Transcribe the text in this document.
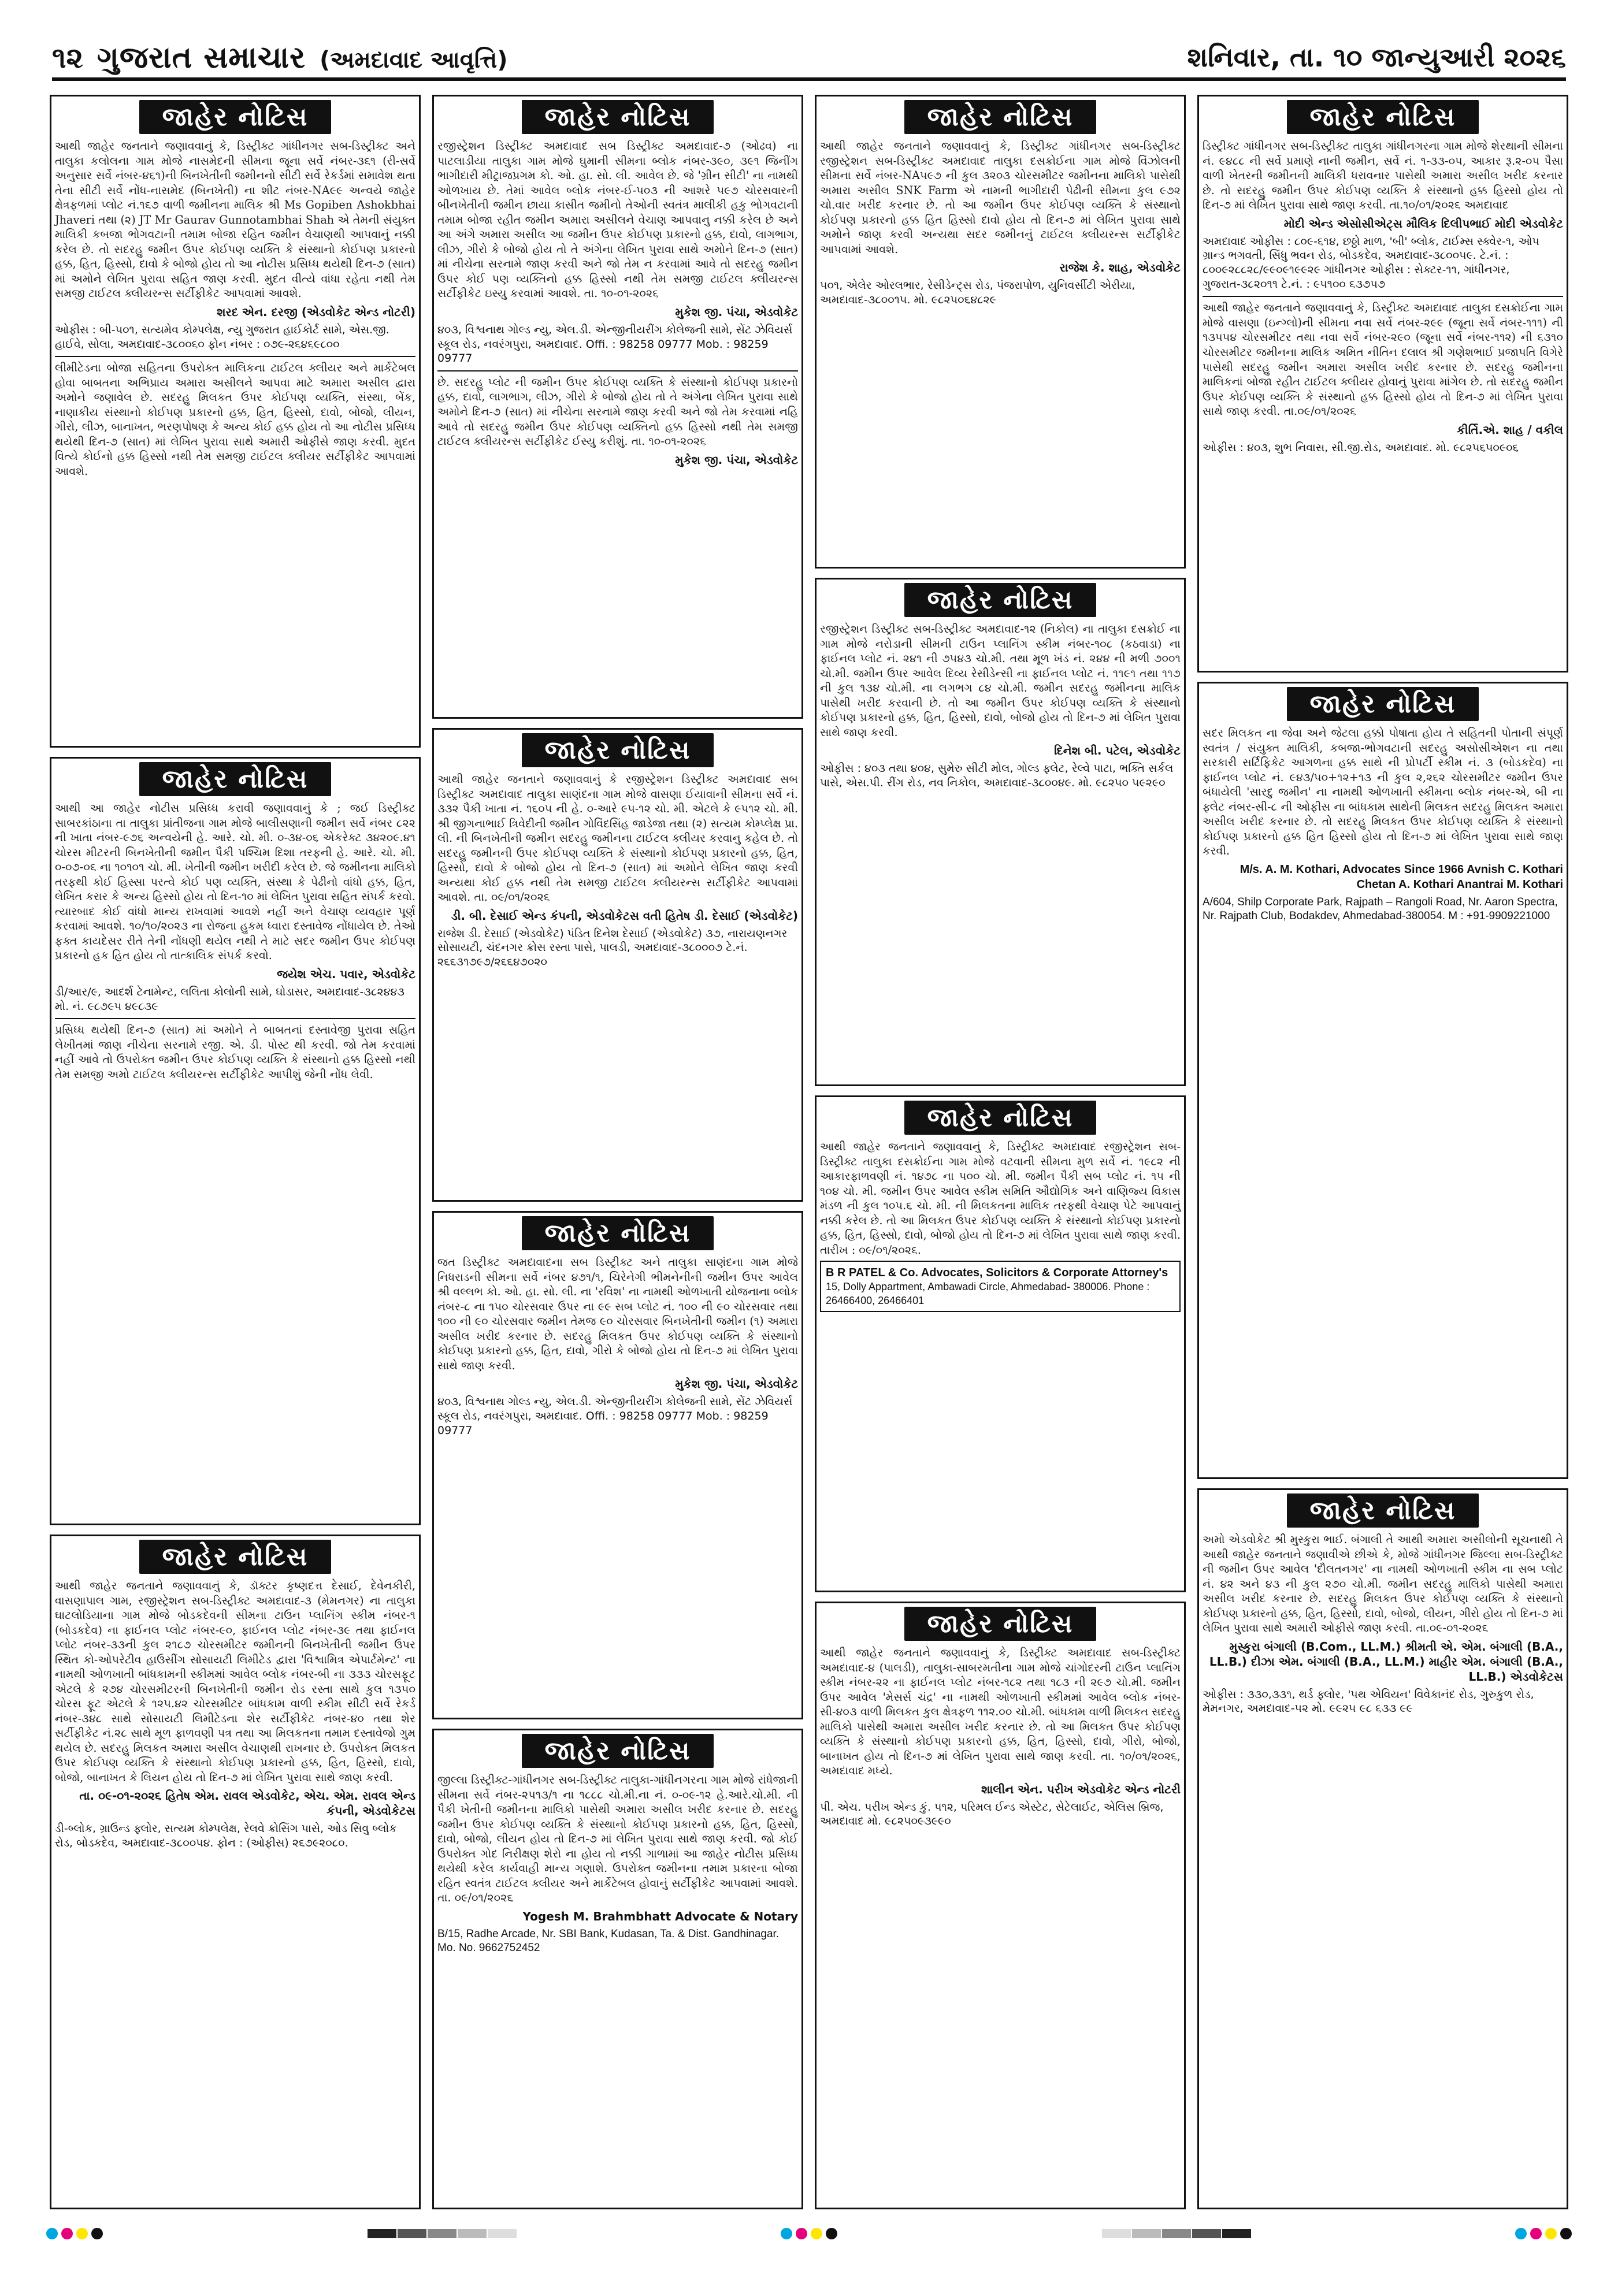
૧૨ ગુજરાત સમાચાર (અમદાવાદ આવૃત્તિ)	શનિવાર, તા. ૧૦ જાન્યુઆરી ૨૦૨૬
જાહેર નોટિસ
આથી જાહેર જનતાને જણાવવાનું કે, ડિસ્ટ્રીક્ટ ગાંધીનગર સબ-ડિસ્ટ્રીક્ટ અને તાલુકા કલોલના ગામ મોજે નાસમેદની સીમના જૂના સર્વે નંબર-૩૬૧ (રી-સર્વે અનુસાર સર્વે નંબર-૪૬૧)ની બિનખેતીની જમીનનો સીટી સર્વે રેકર્ડમાં સમાવેશ થતા તેના સીટી સર્વે નોંધ-નાસમેદ (બિનખેતી) ના શીટ નંબર-NA૯૯ અન્વયે જાહેર ક્ષેત્રફળમાં પ્લોટ નં.૧૬૭ વાળી જમીનના માલિક શ્રી Ms Gopiben Ashokbhai Jhaveri તથા (૨) JT Mr Gaurav Gunnotambhai Shah એ તેમની સંયુક્ત માલિકી કબજા ભોગવટાની તમામ બોજા રહિત જમીન વેચાણથી આપવાનું નક્કી કરેલ છે. તો સદરહુ જમીન ઉપર કોઈપણ વ્યક્તિ કે સંસ્થાનો કોઈપણ પ્રકારનો હક્ક, હિત, હિસ્સો, દાવો કે બોજો હોય તો આ નોટીસ પ્રસિધ્ધ થયેથી દિન-૭ (સાત) માં અમોને લેખિત પુરાવા સહિત જાણ કરવી. મુદત વીત્યે વાંધા રહેતા નથી તેમ સમજી ટાઈટલ ક્લીયરન્સ સર્ટીફીકેટ આપવામાં આવશે.
શરદ એન. દરજી (એડવોકેટ એન્ડ નોટરી)
ઓફીસ : બી-૫૦૧, સત્યમેવ કોમ્પલેક્ષ, ન્યુ ગુજરાત હાઈકોર્ટ સામે, એસ.જી. હાઈવે, સોલા, અમદાવાદ-૩૮૦૦૬૦ ફોન નંબર : ૦૭૯-૨૬૪૬૯૮૦૦
લીમીટેડના બોજા સહિતના ઉપરોક્ત માલિકના ટાઈટલ ક્લીયર અને માર્કેટેબલ હોવા બાબતના અભિપ્રાય અમારા અસીલને આપવા માટે અમારા અસીલ દ્વારા અમોને જણાવેલ છે. સદરહુ મિલકત ઉપર કોઈપણ વ્યક્તિ, સંસ્થા, બેંક, નાણાકીય સંસ્થાનો કોઈપણ પ્રકારનો હક્ક, હિત, હિસ્સો, દાવો, બોજો, લીયન, ગીરો, લીઝ, બાનાખત, ભરણપોષણ કે અન્ય કોઈ હક્ક હોય તો આ નોટીસ પ્રસિધ્ધ થયેથી દિન-૭ (સાત) માં લેખિત પુરાવા સાથે અમારી ઓફીસે જાણ કરવી. મુદત વિત્યે કોઈનો હક્ક હિસ્સો નથી તેમ સમજી ટાઈટલ ક્લીયર સર્ટીફીકેટ આપવામાં આવશે.
જાહેર નોટિસ
આથી આ જાહેર નોટીસ પ્રસિધ્ધ કરાવી જણાવવાનું કે ; જઈ ડિસ્ટ્રીક્ટ સાબરકાંઠાના તા તાલુકા પ્રાંતીજના ગામ મોજે બાલીસણાની જમીન સર્વે નંબર ૮૨૨ ની ખાતા નંબર-૯૭૬ અન્વયેની હે. આરે. ચો. મી. ૦-૩૪-૦૬ એકરેક્ટ ૩૪૨૦૯.૪૧ ચોરસ મીટરની બિનખેતીની જમીન પૈકી પશ્ચિમ દિશા તરફની હે. આરે. ચો. મી. ૦-૦૭-૦૬ ના ૧૦૧૦૧ ચો. મી. ખેતીની જમીન ખરીદી કરેલ છે. જે જમીનના માલિકો તરફથી કોઈ હિસ્સા પરત્વે કોઈ પણ વ્યક્તિ, સંસ્થા કે પેઢીનો વાંધો હક્ક, હિત, લેખિત કરાર કે અન્ય હિસ્સો હોય તો દિન-૧૦ માં લેખિત પુરાવા સહિત સંપર્ક કરવો. ત્યારબાદ કોઈ વાંધો માન્ય રાખવામાં આવશે નહીં અને વેચાણ વ્યવહાર પૂર્ણ કરવામાં આવશે. ૧૦/૧૦/૨૦૨૩ ના રોજના હુકમ ધ્વારા દસ્તાવેજ નોંધાયેલ છે. તેઓ ફક્ત કાયદેસર રીતે તેની નોંધણી થયેલ નથી તે માટે સદર જમીન ઉપર કોઈપણ પ્રકારનો હક હિત હોય તો તાત્કાલિક સંપર્ક કરવો.
જયેશ એચ. પવાર, એડવોકેટ
ડી/આર/૯, આદર્શ ટેનામેન્ટ, લલિતા કોલોની સામે, ઘોડાસર, અમદાવાદ-૩૮૨૪૪૩ મો. નં. ૯૮૭૯૫ ૪૯૮૩૯
પ્રસિધ્ધ થયેથી દિન-૭ (સાત) માં અમોને તે બાબતનાં દસ્તાવેજી પુરાવા સહિત લેખીતમાં જાણ નીચેના સરનામે રજી. એ. ડી. પોસ્ટ થી કરવી. જો તેમ કરવામાં નહીં આવે તો ઉપરોક્ત જમીન ઉપર કોઈપણ વ્યક્તિ કે સંસ્થાનો હક્ક હિસ્સો નથી તેમ સમજી અમો ટાઈટલ ક્લીયરન્સ સર્ટીફીકેટ આપીશું જેની નોંધ લેવી.
જાહેર નોટિસ
આથી જાહેર જનતાને જણાવવાનું કે, ડૉક્ટર કૃષ્ણદત્ત દેસાઈ, દેવેનકીરી, વાસણાપાલ ગામ, રજીસ્ટ્રેશન સબ-ડિસ્ટ્રીક્ટ અમદાવાદ-૩ (મેમનગર) ના તાલુકા ઘાટલોડિયાના ગામ મોજે બોડકદેવની સીમના ટાઉન પ્લાનિંગ સ્કીમ નંબર-૧ (બોડકદેવ) ના ફાઈનલ પ્લોટ નંબર-૯૦, ફાઈનલ પ્લોટ નંબર-૩૯ તથા ફાઈનલ પ્લોટ નંબર-૩૩ની કુલ ૨૧૮૭ ચોરસમીટર જમીનની બિનખેતીની જમીન ઉપર સ્થિત કો-ઓપરેટીવ હાઉસીંગ સોસાયટી લિમીટેડ દ્વારા 'વિશ્વામિત્ર એપાર્ટમેન્ટ' ના નામથી ઓળખાતી બાંધકામની સ્કીમમાં આવેલ બ્લોક નંબર-બી ના ૩૩૩ ચોરસફૂટ એટલે કે ૨૭૪ ચોરસમીટરની બિનખેતીની જમીન રોડ રસ્તા સાથે કુલ ૧૩૫૦ ચોરસ ફૂટ એટલે કે ૧૨૫.૪૨ ચોરસમીટર બાંધકામ વાળી સ્કીમ સીટી સર્વે રેકર્ડ નંબર-૩૪૮ સાથે સોસાયટી લિમીટેડના શેર સર્ટીફીકેટ નંબર-૪૦ તથા શેર સર્ટીફીકેટ નં.૨૮ સાથે મૂળ ફાળવણી પત્ર તથા આ મિલકતના તમામ દસ્તાવેજો ગુમ થયેલ છે. સદરહુ મિલકત અમારા અસીલ વેચાણથી રાખનાર છે. ઉપરોક્ત મિલકત ઉપર કોઈપણ વ્યક્તિ કે સંસ્થાનો કોઈપણ પ્રકારનો હક્ક, હિત, હિસ્સો, દાવો, બોજો, બાનાખત કે લિયન હોય તો દિન-૭ માં લેખિત પુરાવા સાથે જાણ કરવી.
તા. ૦૯-૦૧-૨૦૨૬ હિતેષ એમ. રાવલ એડવોકેટ, એચ. એમ. રાવલ એન્ડ કંપની, એડવોકેટસ
ડી-બ્લોક, ગ્રાઉન્ડ ફ્લોર, સત્યમ કોમ્પલેક્ષ, રેલવે ક્રોસિંગ પાસે, ઓડ સિવુ બ્લોક રોડ, બોડકદેવ, અમદાવાદ-૩૮૦૦૫૪. ફોન : (ઓફીસ) ૨૬૭૯૨૦૮૦.
જાહેર નોટિસ
રજીસ્ટ્રેશન ડિસ્ટ્રીક્ટ અમદાવાદ સબ ડિસ્ટ્રીક્ટ અમદાવાદ-૭ (ઓઢવ) ના પાટલાડીયા તાલુકા ગામ મોજે ઘુમાની સીમના બ્લોક નંબર-૩૯૦, ૩૯૧ જિનીંગ ભાગીદારી મીટ્રાજપ્રગમ કો. ઓ. હા. સો. લી. આવેલ છે. જે 'ગ્રીન સીટી' ના નામથી ઓળખાય છે. તેમાં આવેલ બ્લોક નંબર-ઈ-૫૦૩ ની આશરે ૫૯૭ ચોરસવારની બીનખેતીની જમીન છાયા કાસીત જમીનો તેઓની સ્વતંત્ર માલીકી હકુ ભોગવટાની તમામ બોજા રહીત જમીન અમારા અસીલને વેચાણ આપવાનુ નક્કી કરેલ છે અને આ અંગે અમારા અસીલ આ જમીન ઉપર કોઈપણ પ્રકારનો હક્ક, દાવો, લાગભાગ, લીઝ, ગીરો કે બોજો હોય તો તે અંગેના લેખિત પુરાવા સાથે અમોને દિન-૭ (સાત) માં નીચેના સરનામે જાણ કરવી અને જો તેમ ન કરવામાં આવે તો સદરહુ જમીન ઉપર કોઈ પણ વ્યક્તિનો હક્ક હિસ્સો નથી તેમ સમજી ટાઈટલ ક્લીયરન્સ સર્ટીફીકેટ ઇસ્યુ કરવામાં આવશે. તા. ૧૦-૦૧-૨૦૨૬
મુકેશ જી. પંચા, એડવોકેટ
૪૦૩, વિશ્વનાથ ગોલ્ડ ન્યુ, એલ.ડી. એન્જીનીયરીંગ કોલેજની સામે, સેંટ ઝેવિયર્સ સ્કૂલ રોડ, નવરંગપુરા, અમદાવાદ. Offi. : 98258 09777 Mob. : 98259 09777
છે. સદરહુ પ્લોટ ની જમીન ઉપર કોઈપણ વ્યક્તિ કે સંસ્થાનો કોઈપણ પ્રકારનો હક્ક, દાવો, લાગભાગ, લીઝ, ગીરો કે બોજો હોય તો તે અંગેના લેખિત પુરાવા સાથે અમોને દિન-૭ (સાત) માં નીચેના સરનામે જાણ કરવી અને જો તેમ કરવામાં નહિ આવે તો સદરહુ જમીન ઉપર કોઈપણ વ્યક્તિનો હક્ક હિસ્સો નથી તેમ સમજી ટાઈટલ ક્લીયરન્સ સર્ટીફીકેટ ઈસ્યુ કરીશું. તા. ૧૦-૦૧-૨૦૨૬
મુકેશ જી. પંચા, એડવોકેટ
જાહેર નોટિસ
આથી જાહેર જનતાને જણાવવાનું કે રજીસ્ટ્રેશન ડિસ્ટ્રીક્ટ અમદાવાદ સબ ડિસ્ટ્રીક્ટ અમદાવાદ તાલુકા સાણંદના ગામ મોજે વાસણા ઈયાવાની સીમના સર્વે નં. ૩૩૨ પૈકી ખાતા નં. ૧૬૦૫ ની હે. ૦-આરે ૯૫-૧૨ ચો. મી. એટલે કે ૯૫૧૨ ચો. મી. શ્રી જીગનાભાઈ ત્રિવેદીની જમીન ગોવિંદસિંહ જાડેજા તથા (૨) સત્યમ કોમ્પ્લેક્ષ પ્રા. લી. ની બિનખેતીની જમીન સદરહુ જમીનના ટાઈટલ ક્લીયર કરવાનુ કહેલ છે. તો સદરહુ જમીનની ઉપર કોઈપણ વ્યક્તિ કે સંસ્થાનો કોઈપણ પ્રકારનો હક્ક, હિત, હિસ્સો, દાવો કે બોજો હોય તો દિન-૭ (સાત) માં અમોને લેખિત જાણ કરવી અન્યથા કોઈ હક્ક નથી તેમ સમજી ટાઈટલ ક્લીયરન્સ સર્ટીફીકેટ આપવામાં આવશે. તા. ૦૯/૦૧/૨૦૨૬
ડી. બી. દેસાઈ એન્ડ કંપની, એડવોકેટસ વતી હિતેષ ડી. દેસાઈ (એડવોકેટ)
રાજેશ ડી. દેસાઈ (એડવોકેટ) પંડિત દિનેશ દેસાઈ (એડવોકેટ) ૩૭, નારાયણનગર સોસાયટી, ચંદનગર ક્રોસ રસ્તા પાસે, પાલડી, અમદાવાદ-૩૮૦૦૦૭ ટે.નં. ૨૬૬૩૧૭૯૭/૨૬૬૪૭૦૨૦
જાહેર નોટિસ
જત ડિસ્ટ્રીક્ટ અમદાવાદના સબ ડિસ્ટ્રીક્ટ અને તાલુકા સાણંદના ગામ મોજે નિધરાડની સીમના સર્વે નંબર ૪૭૧/૧, ચિરેનેગી ભીમનેનીની જમીન ઉપર આવેલ શ્રી વલ્લભ કો. ઓ. હા. સો. લી. ના 'રવિશ' ના નામથી ઓળખાતી યોજનાના બ્લોક નંબર-૮ ના ૧૫૦ ચોરસવાર ઉપર ના ૯૯ સબ પ્લોટ નં. ૧૦૦ ની ૯૦ ચોરસવાર તથા ૧૦૦ ની ૯૦ ચોરસવાર જમીન તેમજ ૯૦ ચોરસવાર બિનખેતીની જમીન (૧) અમારા અસીલ ખરીદ કરનાર છે. સદરહુ મિલકત ઉપર કોઈપણ વ્યક્તિ કે સંસ્થાનો કોઈપણ પ્રકારનો હક્ક, હિત, દાવો, ગીરો કે બોજો હોય તો દિન-૭ માં લેખિત પુરાવા સાથે જાણ કરવી.
મુકેશ જી. પંચા, એડવોકેટ
૪૦૩, વિશ્વનાથ ગોલ્ડ ન્યુ, એલ.ડી. એન્જીનીયરીંગ કોલેજની સામે, સેંટ ઝેવિયર્સ સ્કૂલ રોડ, નવરંગપુરા, અમદાવાદ. Offi. : 98258 09777 Mob. : 98259 09777
જાહેર નોટિસ
જીલ્લા ડિસ્ટ્રીક્ટ-ગાંધીનગર સબ-ડિસ્ટ્રીક્ટ તાલુકા-ગાંધીનગરના ગામ મોજે રાંધેજાની સીમના સર્વે નંબર-૨૫૧૩/૧ ના ૧૮૮૮ ચો.મી.ના નં. ૦-૦૯-૧૨ હે.આરે.ચો.મી. ની પૈકી ખેતીની જમીનના માલિકો પાસેથી અમારા અસીલ ખરીદ કરનાર છે. સદરહુ જમીન ઉપર કોઈપણ વ્યક્તિ કે સંસ્થાનો કોઈપણ પ્રકારનો હક્ક, હિત, હિસ્સો, દાવો, બોજો, લીયન હોય તો દિન-૭ માં લેખિત પુરાવા સાથે જાણ કરવી. જો કોઈ ઉપરોક્ત ગોદ નિરીક્ષણ શેરો ના હોય તો નક્કી ગાળામાં આ જાહેર નોટીસ પ્રસિધ્ધ થયેથી કરેલ કાર્યવાહી માન્ય ગણાશે. ઉપરોક્ત જમીનના તમામ પ્રકારના બોજા રહિત સ્વતંત્ર ટાઈટલ ક્લીયર અને માર્કેટેબલ હોવાનું સર્ટીફીકેટ આપવામાં આવશે. તા. ૦૯/૦૧/૨૦૨૬
Yogesh M. Brahmbhatt Advocate & Notary
B/15, Radhe Arcade, Nr. SBI Bank, Kudasan, Ta. & Dist. Gandhinagar. Mo. No. 9662752452
જાહેર નોટિસ
આથી જાહેર જનતાને જણાવવાનું કે, ડિસ્ટ્રીક્ટ ગાંધીનગર સબ-ડિસ્ટ્રીક્ટ રજીસ્ટ્રેશન સબ-ડિસ્ટ્રીક્ટ અમદાવાદ તાલુકા દસક્રોઈના ગામ મોજે વિંઝોલની સીમના સર્વે નંબર-NA૫૯૭ ની કુલ ૩૨૦૩ ચોરસમીટર જમીનના માલિકો પાસેથી અમારા અસીલ SNK Farm એ નામની ભાગીદારી પેઢીની સીમના કુલ ૯૭૨ ચો.વાર ખરીદ કરનાર છે. તો આ જમીન ઉપર કોઈપણ વ્યક્તિ કે સંસ્થાનો કોઈપણ પ્રકારનો હક્ક હિત હિસ્સો દાવો હોય તો દિન-૭ માં લેખિત પુરાવા સાથે અમોને જાણ કરવી અન્યથા સદર જમીનનું ટાઈટલ ક્લીયરન્સ સર્ટીફીકેટ આપવામાં આવશે.
રાજેશ કે. શાહ, એડવોકેટ
૫૦૧, એલેર ઓરલભાર, રેસીડેન્ટ્સ રોડ, પંજરાપોળ, યુનિવર્સીટી એરીયા, અમદાવાદ-૩૮૦૦૧૫. મો. ૯૮૨૫૦૬૪૮૨૯
જાહેર નોટિસ
રજીસ્ટ્રેશન ડિસ્ટ્રીક્ટ સબ-ડિસ્ટ્રીક્ટ અમદાવાદ-૧૨ (નિકોલ) ના તાલુકા દસક્રોઈ ના ગામ મોજે નરોડાની સીમની ટાઉન પ્લાનિંગ સ્કીમ નંબર-૧૦૮ (કઠવાડા) ના ફાઈનલ પ્લોટ નં. ૨૪૧ ની ૭૫૪૩ ચો.મી. તથા મૂળ ખંડ નં. ૨૪૪ ની મળી ૭૦૦૧ ચો.મી. જમીન ઉપર આવેલ દિવ્ય રેસીડેન્સી ના ફાઈનલ પ્લોટ નં. ૧૧૯૧ તથા ૧૧૭ ની કુલ ૧૩૪ ચો.મી. ના લગભગ ૮૪ ચો.મી. જમીન સદરહુ જમીનના માલિક પાસેથી ખરીદ કરવાની છે. તો આ જમીન ઉપર કોઈપણ વ્યક્તિ કે સંસ્થાનો કોઈપણ પ્રકારનો હક્ક, હિત, હિસ્સો, દાવો, બોજો હોય તો દિન-૭ માં લેખિત પુરાવા સાથે જાણ કરવી.
દિનેશ બી. પટેલ, એડવોકેટ
ઓફીસ : ૪૦૩ તથા ૪૦૪, સુમેરુ સીટી મોલ, ગોલ્ડ ફ્લેટ, રેલ્વે પાટા, ભક્તિ સર્કલ પાસે, એસ.પી. રીંગ રોડ, નવ નિકોલ, અમદાવાદ-૩૮૦૦૪૯. મો. ૯૮૨૫૦ ૫૯૨૯૦
જાહેર નોટિસ
આથી જાહેર જનતાને જણાવવાનું કે, ડિસ્ટ્રીક્ટ અમદાવાદ રજીસ્ટ્રેશન સબ-ડિસ્ટ્રીક્ટ તાલુકા દસક્રોઈના ગામ મોજે વટવાની સીમના મુળ સર્વે નં. ૧૯૮૨ ની આકારફાળવણી નં. ૧૪૭૮ ના ૫૦૦ ચો. મી. જમીન પૈકી સબ પ્લોટ નં. ૧૫ ની ૧૦૪ ચો. મી. જમીન ઉપર આવેલ સ્કીમ સમિતિ ઔદ્યોગિક અને વાણિજ્ય વિકાસ મંડળ ની કુલ ૧૦૫.૬ ચો. મી. ની મિલકતના માલિક તરફથી વેચાણ પેટે આપવાનું નક્કી કરેલ છે. તો આ મિલકત ઉપર કોઈપણ વ્યક્તિ કે સંસ્થાનો કોઈપણ પ્રકારનો હક્ક, હિત, હિસ્સો, દાવો, બોજો હોય તો દિન-૭ માં લેખિત પુરાવા સાથે જાણ કરવી. તારીખ : ૦૯/૦૧/૨૦૨૬.
B R PATEL & Co. Advocates, Solicitors & Corporate Attorney's
15, Dolly Appartment, Ambawadi Circle, Ahmedabad- 380006. Phone : 26466400, 26466401
જાહેર નોટિસ
આથી જાહેર જનતાને જણાવવાનું કે, ડિસ્ટ્રીક્ટ અમદાવાદ સબ-ડિસ્ટ્રીક્ટ અમદાવાદ-૪ (પાલડી), તાલુકા-સાબરમતીના ગામ મોજે ચાંગોદરની ટાઉન પ્લાનિંગ સ્કીમ નંબર-૨૨ ના ફાઈનલ પ્લોટ નંબર-૧૮૨ તથા ૧૮૩ ની ૨૯૭ ચો.મી. જમીન ઉપર આવેલ 'મેસર્સ ચંદ્ર' ના નામથી ઓળખાતી સ્કીમમાં આવેલ બ્લોક નંબર-સી-૪૦૩ વાળી મિલકત કુલ ક્ષેત્રફળ ૧૧૨.૦૦ ચો.મી. બાંધકામ વાળી મિલકત સદરહુ માલિકો પાસેથી અમારા અસીલ ખરીદ કરનાર છે. તો આ મિલકત ઉપર કોઈપણ વ્યક્તિ કે સંસ્થાનો કોઈપણ પ્રકારનો હક્ક, હિત, હિસ્સો, દાવો, ગીરો, બોજો, બાનાખત હોય તો દિન-૭ માં લેખિત પુરાવા સાથે જાણ કરવી. તા. ૧૦/૦૧/૨૦૨૬, અમદાવાદ મધ્યે.
શાલીન એન. પરીખ એડવોકેટ એન્ડ નોટરી
પી. એચ. પરીખ એન્ડ કું. ૫૧૨, પરિમલ ઈન્ડ એસ્ટેટ, સેટેલાઈટ, એલિસ બ્રિજ, અમદાવાદ મો. ૯૮૨૫૦૯૩૯૯૦
જાહેર નોટિસ
ડિસ્ટ્રીક્ટ ગાંધીનગર સબ-ડિસ્ટ્રીક્ટ તાલુકા ગાંધીનગરના ગામ મોજે શેરથાની સીમના નં. ૯૪૮૮ ની સર્વે પ્રમાણે નાની જમીન, સર્વે નં. ૧-૩૩-૦૫, આકાર રૂ.૨-૦૫ પૈસા વાળી ખેતરની જમીનની માલિકી ધરાવનાર પાસેથી અમારા અસીલ ખરીદ કરનાર છે. તો સદરહુ જમીન ઉપર કોઈપણ વ્યક્તિ કે સંસ્થાનો હક્ક હિસ્સો હોય તો દિન-૭ માં લેખિત પુરાવા સાથે જાણ કરવી. તા.૧૦/૦૧/૨૦૨૬ અમદાવાદ
મોદી એન્ડ એસોસીએટ્સ મૌલિક દિલીપભાઈ મોદી એડવોકેટ
અમદાવાદ ઓફીસ : ૮૦૯-૬૧૪, છઠ્ઠો માળ, 'બી' બ્લોક, ટાઈમ્સ સ્ક્વેર-૧, ઓપ ગ્રાન્ડ ભગવતી, સિંધુ ભવન રોડ, બોડકદેવ, અમદાવાદ-૩૮૦૦૫૯. ટે.નં. : ૮૦૦૯૨૮૮૨૮/૯૯૦૯૧૯૯૨૯ ગાંધીનગર ઓફીસ : સેક્ટર-૧૧, ગાંધીનગર, ગુજરાત-૩૮૨૦૧૧ ટે.નં. : ૯૫૧૦૦ ૬૩૭૫૭
આથી જાહેર જનતાને જણાવવાનું કે, ડિસ્ટ્રીક્ટ અમદાવાદ તાલુકા દસક્રોઈના ગામ મોજે વાસણા (ઇન્ગ્લો)ની સીમના નવા સર્વે નંબર-૨૯૯ (જૂના સર્વે નંબર-૧૧૧) ની ૧૩૫૫૪ ચોરસમીટર તથા નવા સર્વે નંબર-૨૯૦ (જૂના સર્વે નંબર-૧૧૨) ની ૬૩૧૦ ચોરસમીટર જમીનના માલિક અમિત નીતિન દલાલ શ્રી ગણેશભાઈ પ્રજાપતિ વિગેરે પાસેથી સદરહુ જમીન અમારા અસીલ ખરીદ કરનાર છે. સદરહુ જમીનના માલિકનાં બોજા રહીત ટાઈટલ ક્લીયર હોવાનું પુરાવા માંગેલ છે. તો સદરહુ જમીન ઉપર કોઈપણ વ્યક્તિ કે સંસ્થાનો હક્ક હિસ્સો હોય તો દિન-૭ માં લેખિત પુરાવા સાથે જાણ કરવી. તા.૦૯/૦૧/૨૦૨૬
કીર્તિ.એ. શાહ / વકીલ
ઓફીસ : ૪૦૩, શુભ નિવાસ, સી.જી.રોડ, અમદાવાદ. મો. ૯૮૨૫૬૫૦૯૦૬
જાહેર નોટિસ
સદર મિલકત ના જેવા અને જેટલા હક્કો પોષાતા હોય તે સહિતની પોતાની સંપૂર્ણ સ્વતંત્ર / સંયુક્ત માલિકી, કબજા-ભોગવટાની સદરહુ અસોસીએશન ના તથા સરકારી સર્ટિફિકેટ આગળના હક્ક સાથે ની પ્રોપર્ટી સ્કીમ નં. ૩ (બોડકદેવ) ના ફાઈનલ પ્લોટ નં. ૯૪૩/૫૦+૧૨+૧૩ ની કુલ ૨,૨૬૨ ચોરસમીટર જમીન ઉપર બંધાયેલી 'સારદુ જમીન' ના નામથી ઓળખાતી સ્કીમના બ્લોક નંબર-એ, બી ના ફ્લેટ નંબર-સી-૮ ની ઓફીસ ના બાંધકામ સાથેની મિલકત સદરહુ મિલકત અમારા અસીલ ખરીદ કરનાર છે. તો સદરહુ મિલકત ઉપર કોઈપણ વ્યક્તિ કે સંસ્થાનો કોઈપણ પ્રકારનો હક્ક હિત હિસ્સો હોય તો દિન-૭ માં લેખિત પુરાવા સાથે જાણ કરવી.
M/s. A. M. Kothari, Advocates Since 1966 Avnish C. Kothari Chetan A. Kothari Anantrai M. Kothari
A/604, Shilp Corporate Park, Rajpath – Rangoli Road, Nr. Aaron Spectra, Nr. Rajpath Club, Bodakdev, Ahmedabad-380054. M : +91-9909221000
જાહેર નોટિસ
અમો એડવોકેટ શ્રી મુસ્કુરા ભાઈ. બંગાલી તે આથી અમારા અસીલોની સૂચનાથી તે આથી જાહેર જનતાને જણાવીએ છીએ કે, મોજે ગાંધીનગર જિલ્લા સબ-ડિસ્ટ્રીક્ટ ની જમીન ઉપર આવેલ 'દૌલતનગર' ના નામથી ઓળખાતી સ્કીમ ના સબ પ્લોટ નં. ૪૨ અને ૪૩ ની કુલ ૨૭૦ ચો.મી. જમીન સદરહુ માલિકો પાસેથી અમારા અસીલ ખરીદ કરનાર છે. સદરહુ મિલકત ઉપર કોઈપણ વ્યક્તિ કે સંસ્થાનો કોઈપણ પ્રકારનો હક્ક, હિત, હિસ્સો, દાવો, બોજો, લીયન, ગીરો હોય તો દિન-૭ માં લેખિત પુરાવા સાથે અમારી ઓફીસે જાણ કરવી. તા.૦૯-૦૧-૨૦૨૬
મુસ્કુરા બંગાલી (B.Com., LL.M.) શ્રીમતી એ. એમ. બંગાલી (B.A., LL.B.) દીઝા એમ. બંગાલી (B.A., LL.M.) માહીર એમ. બંગાલી (B.A., LL.B.) એડવોકેટસ
ઓફીસ : ૩૩૦,૩૩૧, થર્ડ ફ્લોર, 'પથ એવિયન' વિવેકાનંદ રોડ, ગુરુકુળ રોડ, મેમનગર, અમદાવાદ-૫૨ મો. ૯૯૨૫ ૯૮ ૬૩૩ ૯૯
